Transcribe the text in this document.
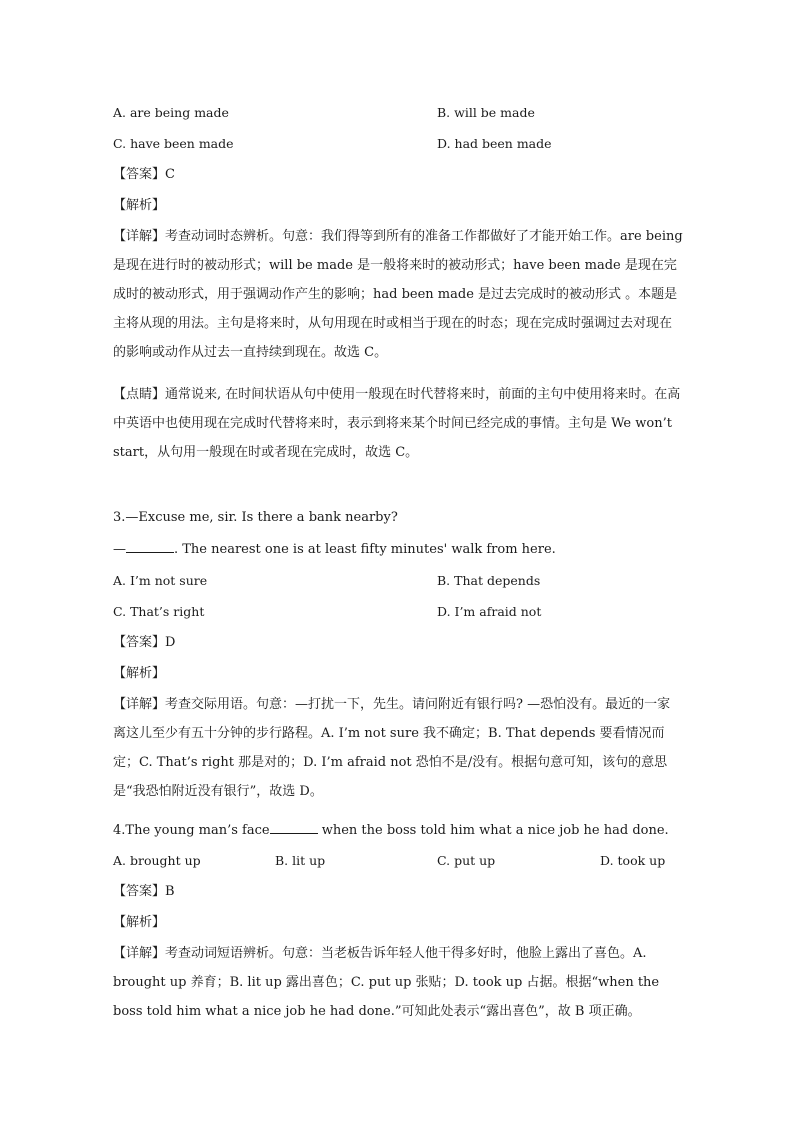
A. are being made	B. will be made
C. have been made	D. had been made
【答案】C
【解析】
【详解】考查动词时态辨析。句意：我们得等到所有的准备工作都做好了才能开始工作。are being 是现在进行时的被动形式；will be made 是一般将来时的被动形式；have been made 是现在完成时的被动形式，用于强调动作产生的影响；had been made 是过去完成时的被动形式 。本题是主将从现的用法。主句是将来时，从句用现在时或相当于现在的时态；现在完成时强调过去对现在的影响或动作从过去一直持续到现在。故选 C。
【点睛】通常说来, 在时间状语从句中使用一般现在时代替将来时，前面的主句中使用将来时。在高中英语中也使用现在完成时代替将来时，表示到将来某个时间已经完成的事情。主句是 We won’t start，从句用一般现在时或者现在完成时，故选 C。
3.—Excuse me, sir. Is there a bank nearby?
—	. The nearest one is at least fifty minutes' walk from here.
A. I’m not sure	B. That depends
C. That’s right	D. I’m afraid not
【答案】D
【解析】
【详解】考查交际用语。句意：—打扰一下，先生。请问附近有银行吗? —恐怕没有。最近的一家离这儿至少有五十分钟的步行路程。A. I’m not sure 我不确定；B. That depends 要看情况而定；C. That’s right 那是对的；D. I’m afraid not 恐怕不是/没有。根据句意可知，该句的意思是“我恐怕附近没有银行”，故选 D。
4.The young man’s face	when the boss told him what a nice job he had done.
A. brought up	B. lit up	C. put up	D. took up
【答案】B
【解析】
【详解】考查动词短语辨析。句意：当老板告诉年轻人他干得多好时，他脸上露出了喜色。A. brought up 养育；B. lit up 露出喜色；C. put up 张贴；D. took up 占据。根据“when the boss told him what a nice job he had done.”可知此处表示“露出喜色”，故 B 项正确。
